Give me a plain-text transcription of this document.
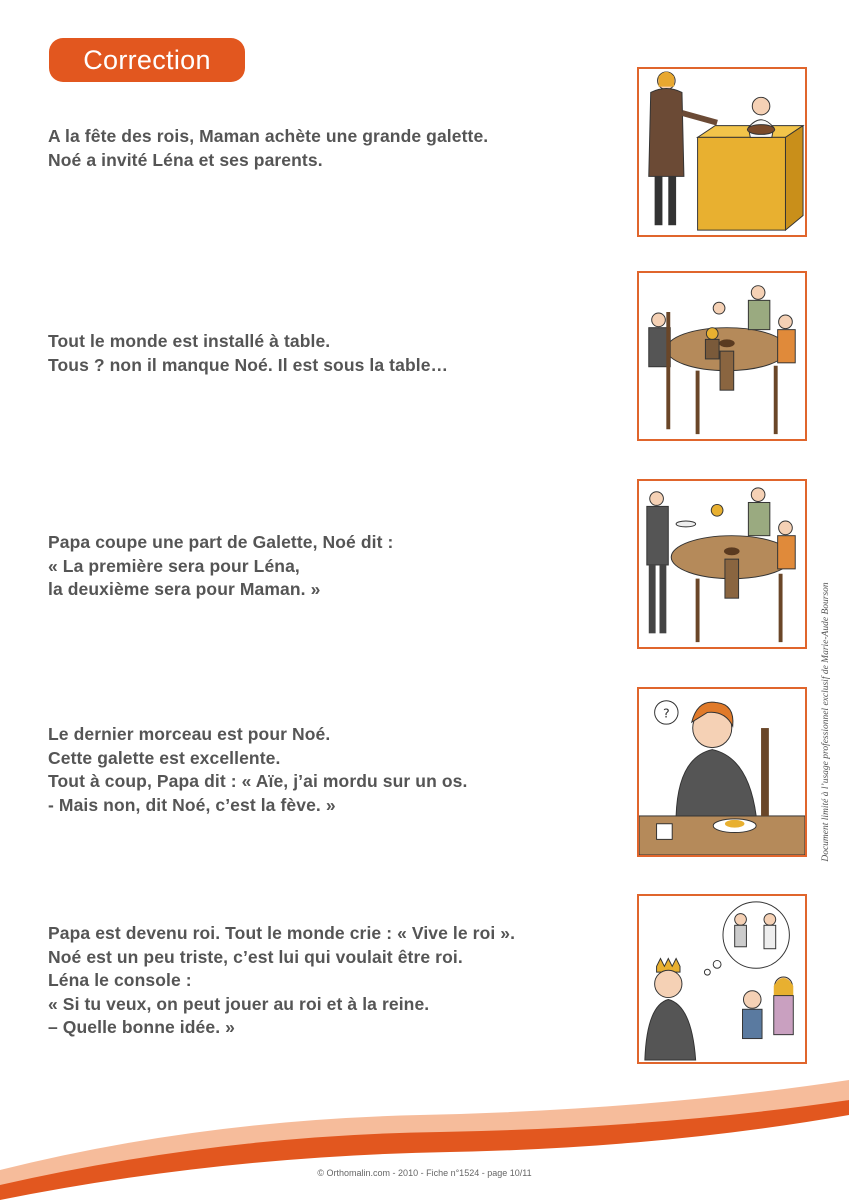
Correction
A la fête des rois, Maman achète une grande galette.
Noé a invité Léna et ses parents.
Tout le monde est installé à table.
Tous ? non il manque Noé. Il est sous la table…
Papa coupe une part de Galette, Noé dit :
« La première sera pour Léna,
la deuxième sera pour Maman. »
Le dernier morceau est pour Noé.
Cette galette est excellente.
Tout à coup, Papa dit : « Aïe, j’ai mordu sur un os.
- Mais non, dit Noé, c’est la fève. »
?
Papa est devenu roi. Tout le monde crie : « Vive le roi ».
Noé est un peu triste, c’est lui qui voulait être roi.
Léna le console :
« Si tu veux, on peut jouer au roi et à la reine.
– Quelle bonne idée. »
Document limité à l’usage professionnel exclusif de Marie-Aude Bourson
© Orthomalin.com - 2010 - Fiche n°1524 - page 10/11
